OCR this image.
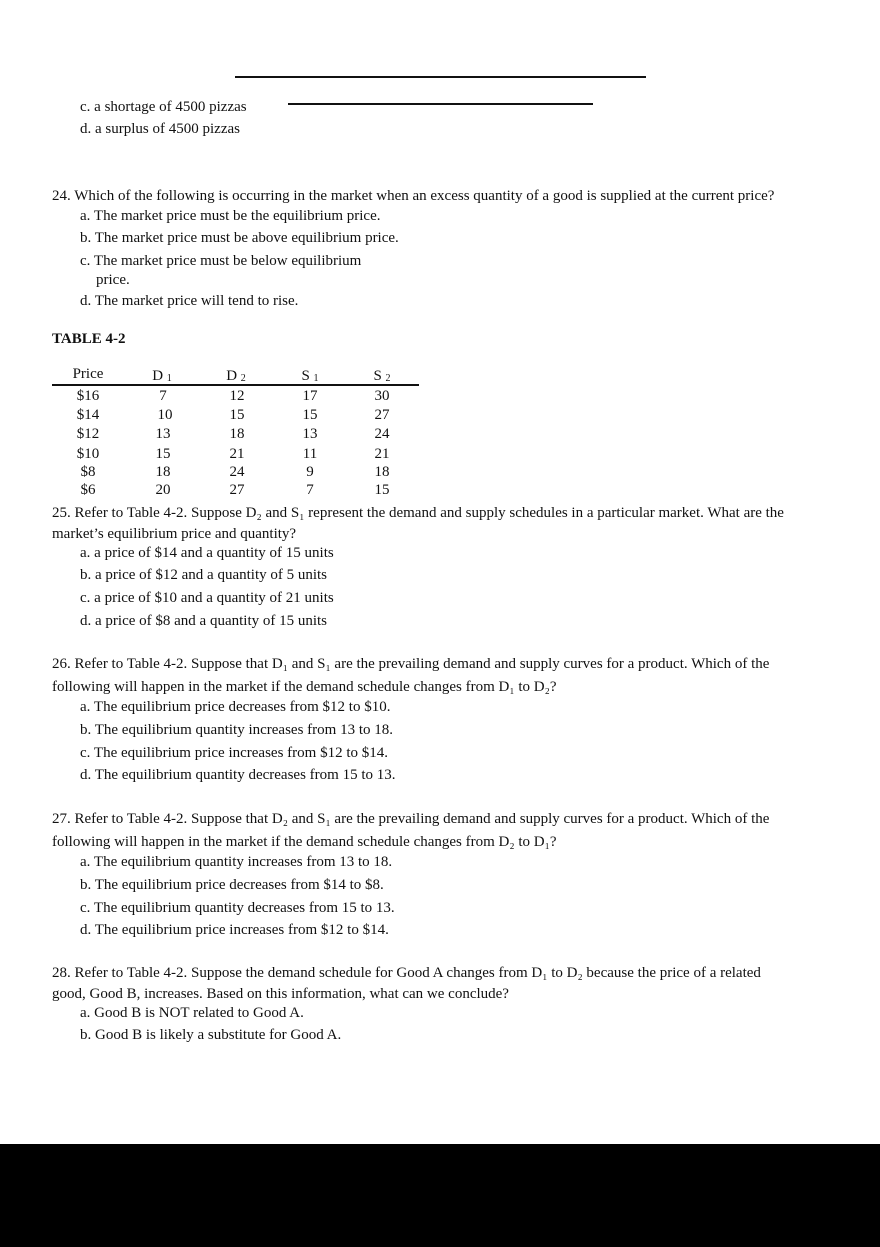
c. a shortage of 4500 pizzas
d. a surplus of 4500 pizzas
24. Which of the following is occurring in the market when an excess quantity of a good is supplied at the current price?
a. The market price must be the equilibrium price.
b. The market price must be above equilibrium price.
c. The market price must be below equilibrium
price.
d. The market price will tend to rise.
TABLE 4-2
Price	D 1	D 2	S 1	S 2
$16	7	12	17	30
$14	10	15	15	27
$12	13	18	13	24
$10	15	21	11	21
$8	18	24	9	18
$6	20	27	7	15
25. Refer to Table 4-2. Suppose D₂ and S₁ represent the demand and supply schedules in a particular market. What are the
market’s equilibrium price and quantity?
a. a price of $14 and a quantity of 15 units
b. a price of $12 and a quantity of 5 units
c. a price of $10 and a quantity of 21 units
d. a price of $8 and a quantity of 15 units
26. Refer to Table 4-2. Suppose that D₁ and S₁ are the prevailing demand and supply curves for a product. Which of the
following will happen in the market if the demand schedule changes from D₁ to D₂?
a. The equilibrium price decreases from $12 to $10.
b. The equilibrium quantity increases from 13 to 18.
c. The equilibrium price increases from $12 to $14.
d. The equilibrium quantity decreases from 15 to 13.
27. Refer to Table 4-2. Suppose that D₂ and S₁ are the prevailing demand and supply curves for a product. Which of the
following will happen in the market if the demand schedule changes from D₂ to D₁?
a. The equilibrium quantity increases from 13 to 18.
b. The equilibrium price decreases from $14 to $8.
c. The equilibrium quantity decreases from 15 to 13.
d. The equilibrium price increases from $12 to $14.
28. Refer to Table 4-2. Suppose the demand schedule for Good A changes from D₁ to D₂ because the price of a related
good, Good B, increases. Based on this information, what can we conclude?
a. Good B is NOT related to Good A.
b. Good B is likely a substitute for Good A.
